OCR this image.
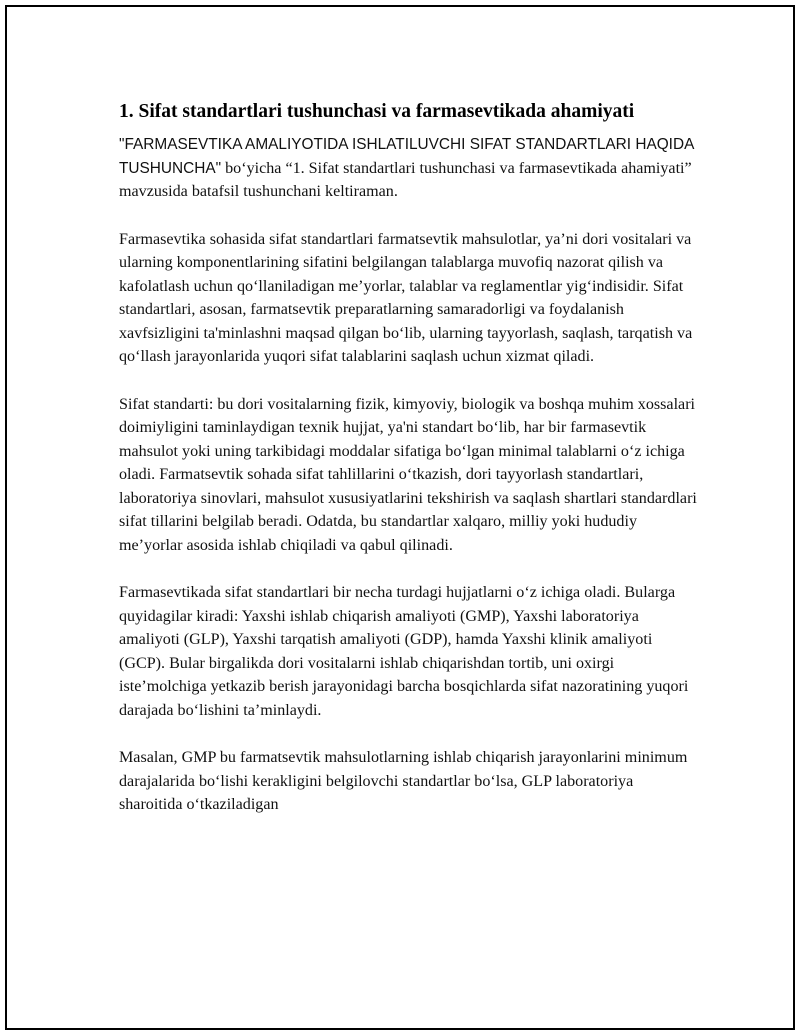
1. Sifat standartlari tushunchasi va farmasevtikada ahamiyati

"FARMASEVTIKA AMALIYOTIDA ISHLATILUVCHI SIFAT STANDARTLARI HAQIDA TUSHUNCHA" bo‘yicha “1. Sifat standartlari tushunchasi va farmasevtikada ahamiyati” mavzusida batafsil tushunchani keltiraman.

Farmasevtika sohasida sifat standartlari farmatsevtik mahsulotlar, ya’ni dori vositalari va ularning komponentlarining sifatini belgilangan talablarga muvofiq nazorat qilish va kafolatlash uchun qo‘llaniladigan me’yorlar, talablar va reglamentlar yig‘indisidir. Sifat standartlari, asosan, farmatsevtik preparatlarning samaradorligi va foydalanish xavfsizligini ta'minlashni maqsad qilgan bo‘lib, ularning tayyorlash, saqlash, tarqatish va qo‘llash jarayonlarida yuqori sifat talablarini saqlash uchun xizmat qiladi.

Sifat standarti: bu dori vositalarning fizik, kimyoviy, biologik va boshqa muhim xossalari doimiyligini taminlaydigan texnik hujjat, ya'ni standart bo‘lib, har bir farmasevtik mahsulot yoki uning tarkibidagi moddalar sifatiga bo‘lgan minimal talablarni o‘z ichiga oladi. Farmatsevtik sohada sifat tahlillarini o‘tkazish, dori tayyorlash standartlari, laboratoriya sinovlari, mahsulot xususiyatlarini tekshirish va saqlash shartlari standardlari sifat tillarini belgilab beradi. Odatda, bu standartlar xalqaro, milliy yoki hududiy me’yorlar asosida ishlab chiqiladi va qabul qilinadi.

Farmasevtikada sifat standartlari bir necha turdagi hujjatlarni o‘z ichiga oladi. Bularga quyidagilar kiradi: Yaxshi ishlab chiqarish amaliyoti (GMP), Yaxshi laboratoriya amaliyoti (GLP), Yaxshi tarqatish amaliyoti (GDP), hamda Yaxshi klinik amaliyoti (GCP). Bular birgalikda dori vositalarni ishlab chiqarishdan tortib, uni oxirgi iste’molchiga yetkazib berish jarayonidagi barcha bosqichlarda sifat nazoratining yuqori darajada bo‘lishini ta’minlaydi.

Masalan, GMP bu farmatsevtik mahsulotlarning ishlab chiqarish jarayonlarini minimum darajalarida bo‘lishi kerakligini belgilovchi standartlar bo‘lsa, GLP laboratoriya sharoitida o‘tkaziladigan
